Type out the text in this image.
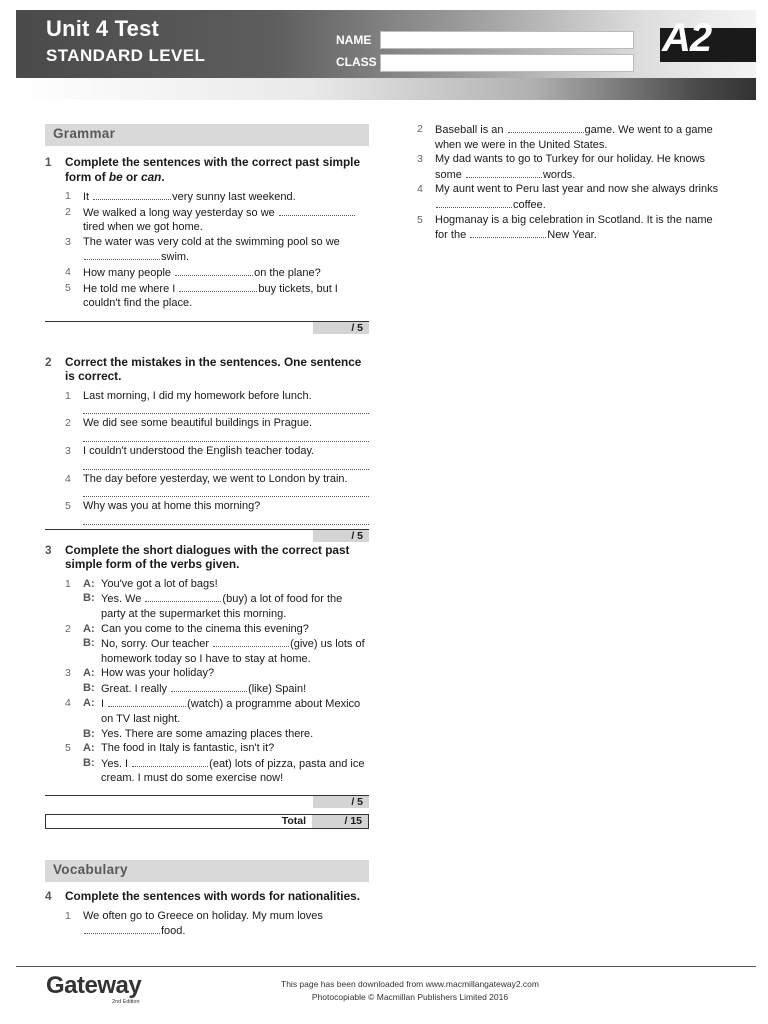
Unit 4 Test
STANDARD LEVEL
NAME
CLASS
A2
Grammar
1 Complete the sentences with the correct past simple form of be or can.
1 It	very sunny last weekend.
2 We walked a long way yesterday so we  tired when we got home.
3 The water was very cold at the swimming pool so we swim.
4 How many people	on the plane?
5 He told me where I	buy tickets, but I couldn't find the place.
/ 5
2 Correct the mistakes in the sentences. One sentence is correct.
1 Last morning, I did my homework before lunch.
2 We did see some beautiful buildings in Prague.
3 I couldn't understood the English teacher today.
4 The day before yesterday, we went to London by train.
5 Why was you at home this morning?
/ 5
3 Complete the short dialogues with the correct past simple form of the verbs given.
1 A: You've got a lot of bags!
B: Yes. We	(buy) a lot of food for the party at the supermarket this morning.
2 A: Can you come to the cinema this evening?
B: No, sorry. Our teacher	(give) us lots of homework today so I have to stay at home.
3 A: How was your holiday?
B: Great. I really	(like) Spain!
4 A: I	(watch) a programme about Mexico on TV last night.
B: Yes. There are some amazing places there.
5 A: The food in Italy is fantastic, isn't it?
B: Yes. I	(eat) lots of pizza, pasta and ice cream. I must do some exercise now!
/ 5
Total	/ 15
Vocabulary
4 Complete the sentences with words for nationalities.
1 We often go to Greece on holiday. My mum loves food.
2 Baseball is an	game. We went to a game when we were in the United States.
3 My dad wants to go to Turkey for our holiday. He knows some	words.
4 My aunt went to Peru last year and now she always drinks coffee.
5 Hogmanay is a big celebration in Scotland. It is the name for the	New Year.
Gateway
2nd Edition
This page has been downloaded from www.macmillangateway2.com
Photocopiable © Macmillan Publishers Limited 2016
